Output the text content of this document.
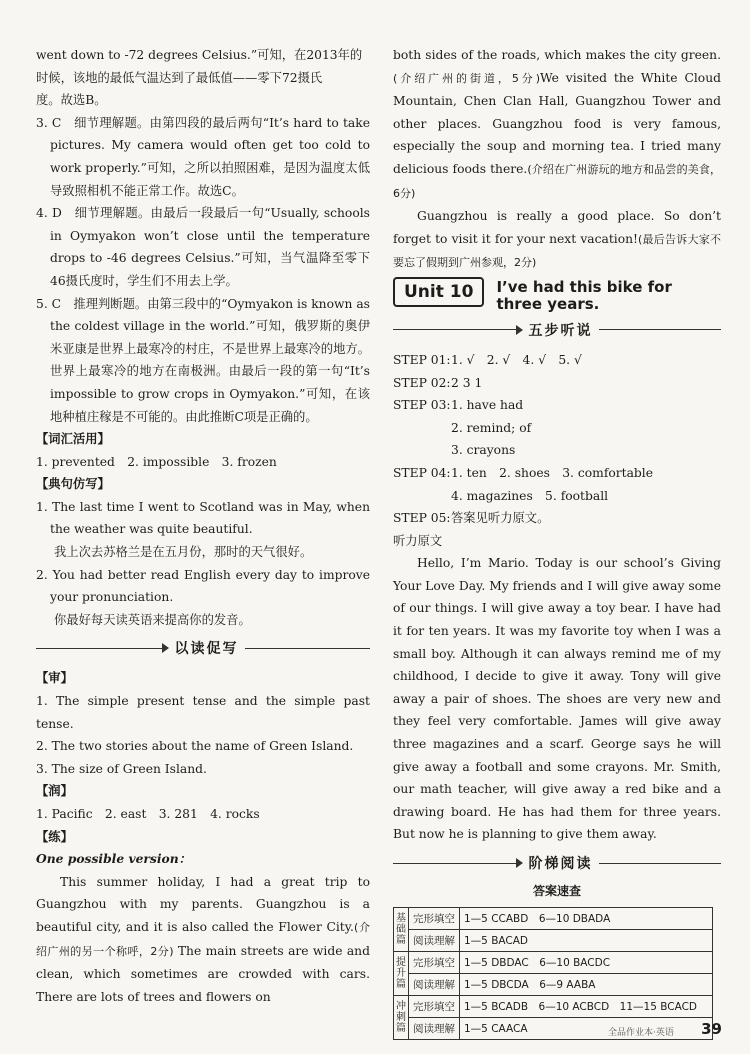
went down to -72 degrees Celsius.”可知，在2013年的

时候，该地的最低气温达到了最低值——零下72摄氏

度。故选B。

3. C　细节理解题。由第四段的最后两句“It’s hard to take pictures. My camera would often get too cold to work properly.”可知，之所以拍照困难，是因为温度太低导致照相机不能正常工作。故选C。

4. D　细节理解题。由最后一段最后一句“Usually, schools in Oymyakon won’t close until the temperature drops to -46 degrees Celsius.”可知，当气温降至零下46摄氏度时，学生们不用去上学。

5. C　推理判断题。由第三段中的“Oymyakon is known as the coldest village in the world.”可知，俄罗斯的奥伊米亚康是世界上最寒冷的村庄，不是世界上最寒冷的地方。世界上最寒冷的地方在南极洲。由最后一段的第一句“It’s impossible to grow crops in Oymyakon.”可知，在该地种植庄稼是不可能的。由此推断C项是正确的。

【词汇活用】

1. prevented　2. impossible　3. frozen

【典句仿写】

1. The last time I went to Scotland was in May, when the weather was quite beautiful.

我上次去苏格兰是在五月份，那时的天气很好。

2. You had better read English every day to improve your pronunciation.

你最好每天读英语来提高你的发音。

以读促写

【审】

1. The simple present tense and the simple past tense.

2. The two stories about the name of Green Island.

3. The size of Green Island.

【润】

1. Pacific　2. east　3. 281　4. rocks

【练】

One possible version：

This summer holiday, I had a great trip to Guangzhou with my parents. Guangzhou is a beautiful city, and it is also called the Flower City.(介绍广州的另一个称呼，2分) The main streets are wide and clean, which sometimes are crowded with cars. There are lots of trees and flowers on

both sides of the roads, which makes the city green.(介绍广州的街道，5分)We visited the White Cloud Mountain, Chen Clan Hall, Guangzhou Tower and other places. Guangzhou food is very famous, especially the soup and morning tea. I tried many delicious foods there.(介绍在广州游玩的地方和品尝的美食，6分)

Guangzhou is really a good place. So don’t forget to visit it for your next vacation!(最后告诉大家不要忘了假期到广州参观，2分)

Unit 10	I’ve had this bike for three years.
五步听说
STEP 01: 1. √　2. √　4. √　5. √
STEP 02: 2 3 1
STEP 03: 1. have had

2. remind; of

3. crayons

STEP 04: 1. ten　2. shoes　3. comfortable

4. magazines　5. football

STEP 05: 答案见听力原文。

听力原文

Hello, I’m Mario. Today is our school’s Giving Your Love Day. My friends and I will give away some of our things. I will give away a toy bear. I have had it for ten years. It was my favorite toy when I was a small boy. Although it can always remind me of my childhood, I decide to give it away. Tony will give away a pair of shoes. The shoes are very new and they feel very comfortable. James will give away three magazines and a scarf. George says he will give away a football and some crayons. Mr. Smith, our math teacher, will give away a red bike and a drawing board. He has had them for three years. But now he is planning to give them away.

阶梯阅读
答案速查
基础篇	完形填空	1—5 CCABD　6—10 DBADA
	阅读理解	1—5 BACAD
提升篇	完形填空	1—5 DBDAC　6—10 BACDC
	阅读理解	1—5 DBCDA　6—9 AABA
冲刺篇	完形填空	1—5 BCADB　6—10 ACBCD　11—15 BCACD
	阅读理解	1—5 CAACA	全品作业本·英语 39
